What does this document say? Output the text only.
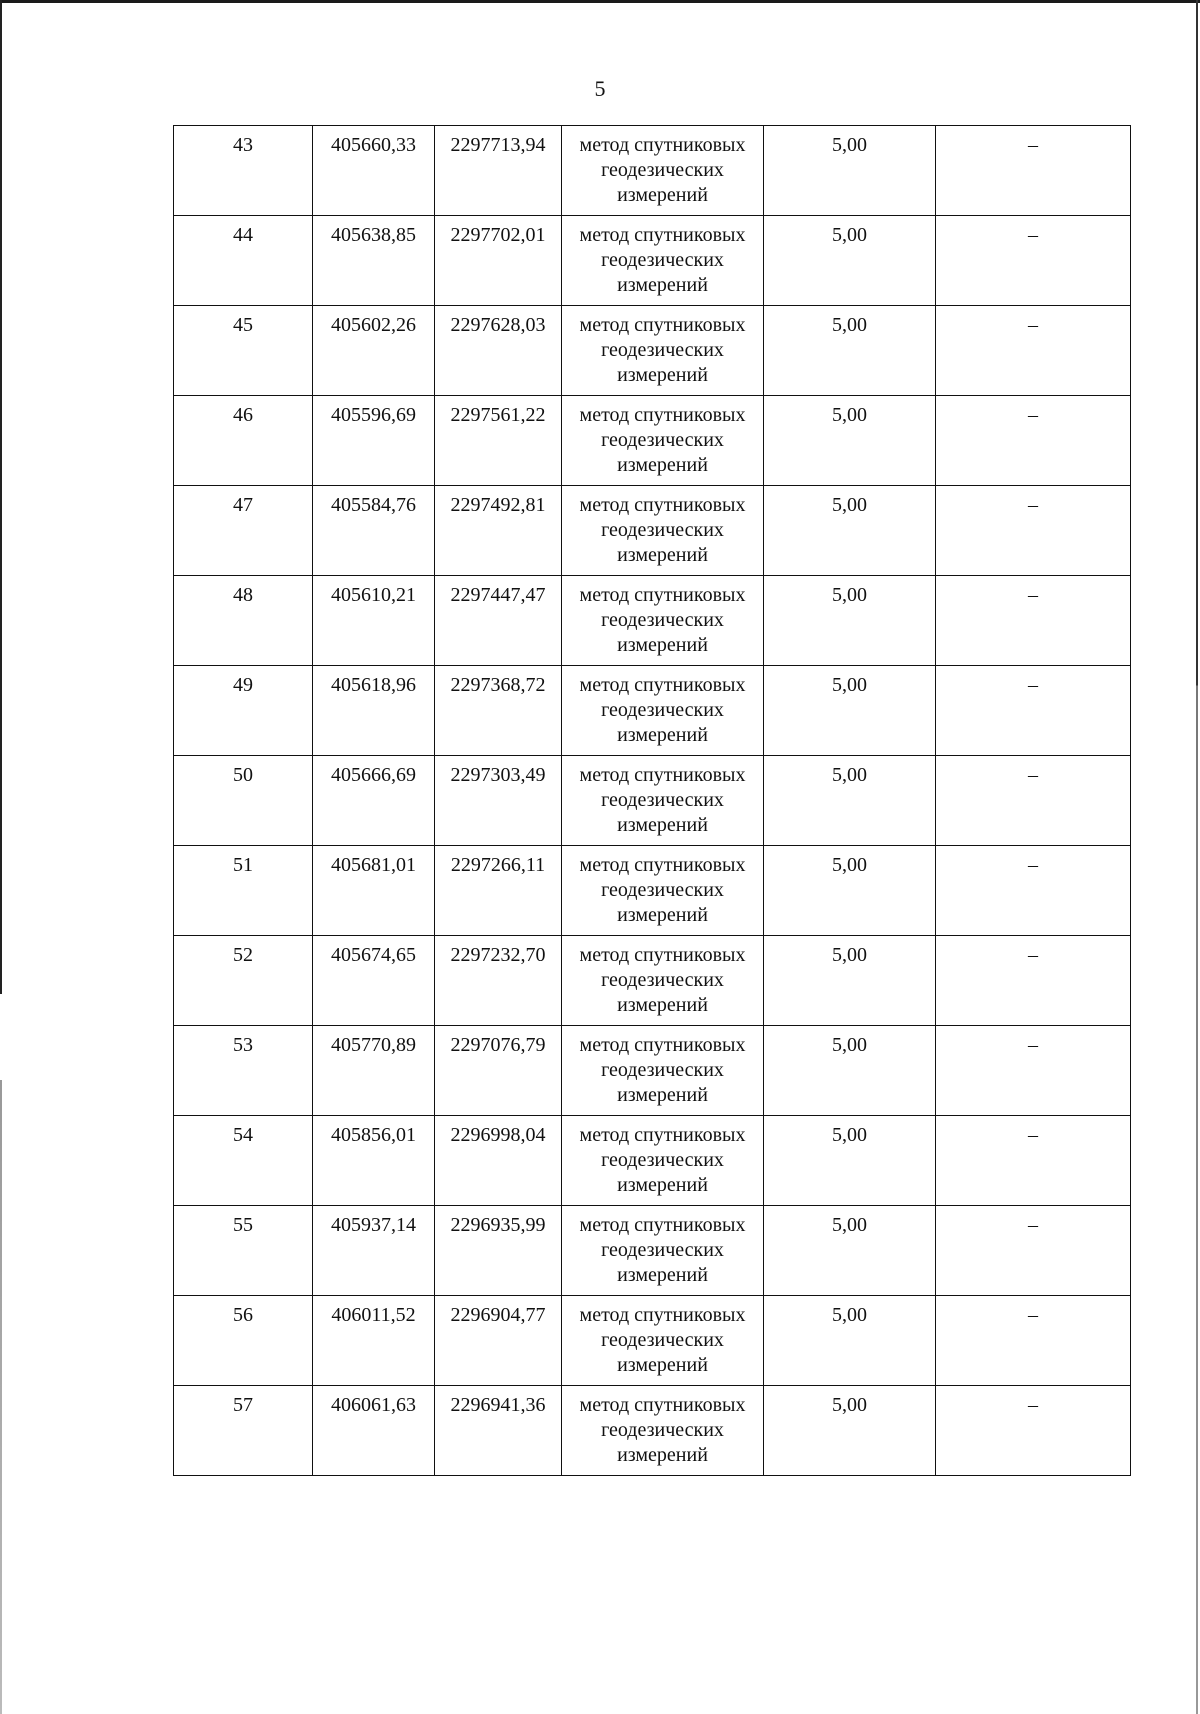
5
43	405660,33	2297713,94	метод спутниковых геодезических измерений	5,00	–
44	405638,85	2297702,01	метод спутниковых геодезических измерений	5,00	–
45	405602,26	2297628,03	метод спутниковых геодезических измерений	5,00	–
46	405596,69	2297561,22	метод спутниковых геодезических измерений	5,00	–
47	405584,76	2297492,81	метод спутниковых геодезических измерений	5,00	–
48	405610,21	2297447,47	метод спутниковых геодезических измерений	5,00	–
49	405618,96	2297368,72	метод спутниковых геодезических измерений	5,00	–
50	405666,69	2297303,49	метод спутниковых геодезических измерений	5,00	–
51	405681,01	2297266,11	метод спутниковых геодезических измерений	5,00	–
52	405674,65	2297232,70	метод спутниковых геодезических измерений	5,00	–
53	405770,89	2297076,79	метод спутниковых геодезических измерений	5,00	–
54	405856,01	2296998,04	метод спутниковых геодезических измерений	5,00	–
55	405937,14	2296935,99	метод спутниковых геодезических измерений	5,00	–
56	406011,52	2296904,77	метод спутниковых геодезических измерений	5,00	–
57	406061,63	2296941,36	метод спутниковых геодезических измерений	5,00	–
